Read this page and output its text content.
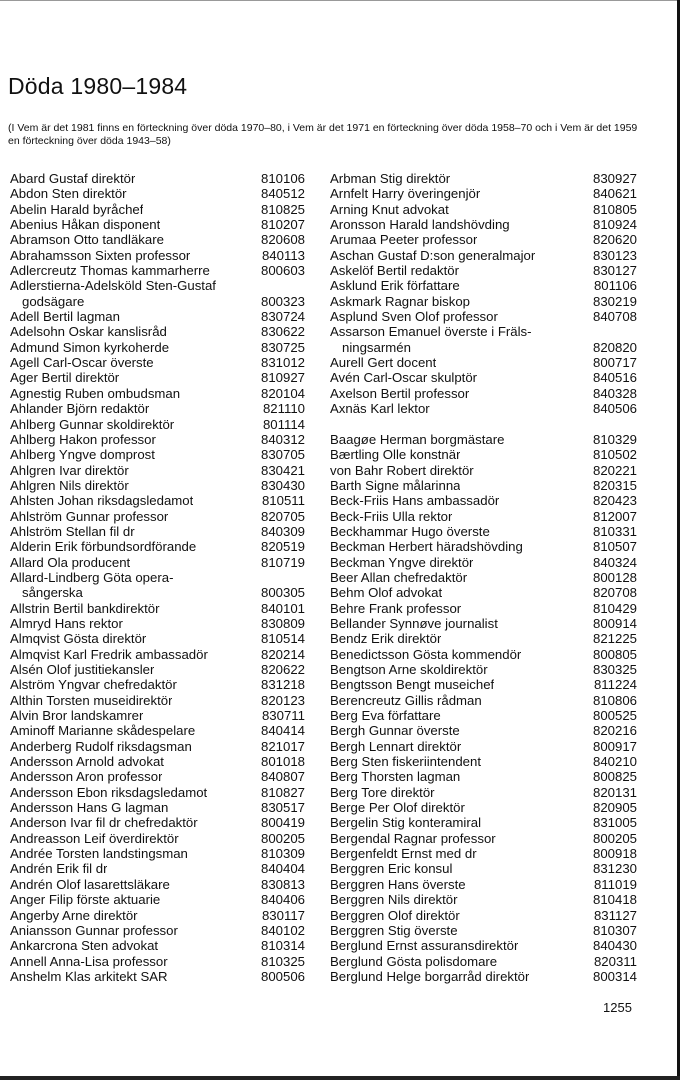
Döda 1980–1984
(I Vem är det 1981 finns en förteckning över döda 1970–80, i Vem är det 1971 en förteckning över döda 1958–70 och i Vem är det 1959 en förteckning över döda 1943–58)
Abard Gustaf direktör	810106
Abdon Sten direktör	840512
Abelin Harald byråchef	810825
Abenius Håkan disponent	810207
Abramson Otto tandläkare	820608
Abrahamsson Sixten professor	840113
Adlercreutz Thomas kammarherre	800603
Adlerstierna-Adelsköld Sten-Gustaf
godsägare	800323
Adell Bertil lagman	830724
Adelsohn Oskar kanslisråd	830622
Admund Simon kyrkoherde	830725
Agell Carl-Oscar överste	831012
Ager Bertil direktör	810927
Agnestig Ruben ombudsman	820104
Ahlander Björn redaktör	821110
Ahlberg Gunnar skoldirektör	801114
Ahlberg Hakon professor	840312
Ahlberg Yngve domprost	830705
Ahlgren Ivar direktör	830421
Ahlgren Nils direktör	830430
Ahlsten Johan riksdagsledamot	810511
Ahlström Gunnar professor	820705
Ahlström Stellan fil dr	840309
Alderin Erik förbundsordförande	820519
Allard Ola producent	810719
Allard-Lindberg Göta opera-
sångerska	800305
Allstrin Bertil bankdirektör	840101
Almryd Hans rektor	830809
Almqvist Gösta direktör	810514
Almqvist Karl Fredrik ambassadör	820214
Alsén Olof justitiekansler	820622
Alström Yngvar chefredaktör	831218
Althin Torsten museidirektör	820123
Alvin Bror landskamrer	830711
Aminoff Marianne skådespelare	840414
Anderberg Rudolf riksdagsman	821017
Andersson Arnold advokat	801018
Andersson Aron professor	840807
Andersson Ebon riksdagsledamot	810827
Andersson Hans G lagman	830517
Anderson Ivar fil dr chefredaktör	800419
Andreasson Leif överdirektör	800205
Andrée Torsten landstingsman	810309
Andrén Erik fil dr	840404
Andrén Olof lasarettsläkare	830813
Anger Filip förste aktuarie	840406
Angerby Arne direktör	830117
Aniansson Gunnar professor	840102
Ankarcrona Sten advokat	810314
Annell Anna-Lisa professor	810325
Anshelm Klas arkitekt SAR	800506
Arbman Stig direktör	830927
Arnfelt Harry överingenjör	840621
Arning Knut advokat	810805
Aronsson Harald landshövding	810924
Arumaa Peeter professor	820620
Aschan Gustaf D:son generalmajor	830123
Askelöf Bertil redaktör	830127
Asklund Erik författare	801106
Askmark Ragnar biskop	830219
Asplund Sven Olof professor	840708
Assarson Emanuel överste i Fräls-
ningsarmén	820820
Aurell Gert docent	800717
Avén Carl-Oscar skulptör	840516
Axelson Bertil professor	840328
Axnäs Karl lektor	840506
Baagøe Herman borgmästare	810329
Bærtling Olle konstnär	810502
von Bahr Robert direktör	820221
Barth Signe målarinna	820315
Beck-Friis Hans ambassadör	820423
Beck-Friis Ulla rektor	812007
Beckhammar Hugo överste	810331
Beckman Herbert häradshövding	810507
Beckman Yngve direktör	840324
Beer Allan chefredaktör	800128
Behm Olof advokat	820708
Behre Frank professor	810429
Bellander Synnøve journalist	800914
Bendz Erik direktör	821225
Benedictsson Gösta kommendör	800805
Bengtson Arne skoldirektör	830325
Bengtsson Bengt museichef	811224
Berencreutz Gillis rådman	810806
Berg Eva författare	800525
Bergh Gunnar överste	820216
Bergh Lennart direktör	800917
Berg Sten fiskeriintendent	840210
Berg Thorsten lagman	800825
Berg Tore direktör	820131
Berge Per Olof direktör	820905
Bergelin Stig konteramiral	831005
Bergendal Ragnar professor	800205
Bergenfeldt Ernst med dr	800918
Berggren Eric konsul	831230
Berggren Hans överste	811019
Berggren Nils direktör	810418
Berggren Olof direktör	831127
Berggren Stig överste	810307
Berglund Ernst assuransdirektör	840430
Berglund Gösta polisdomare	820311
Berglund Helge borgarråd direktör	800314
1255
